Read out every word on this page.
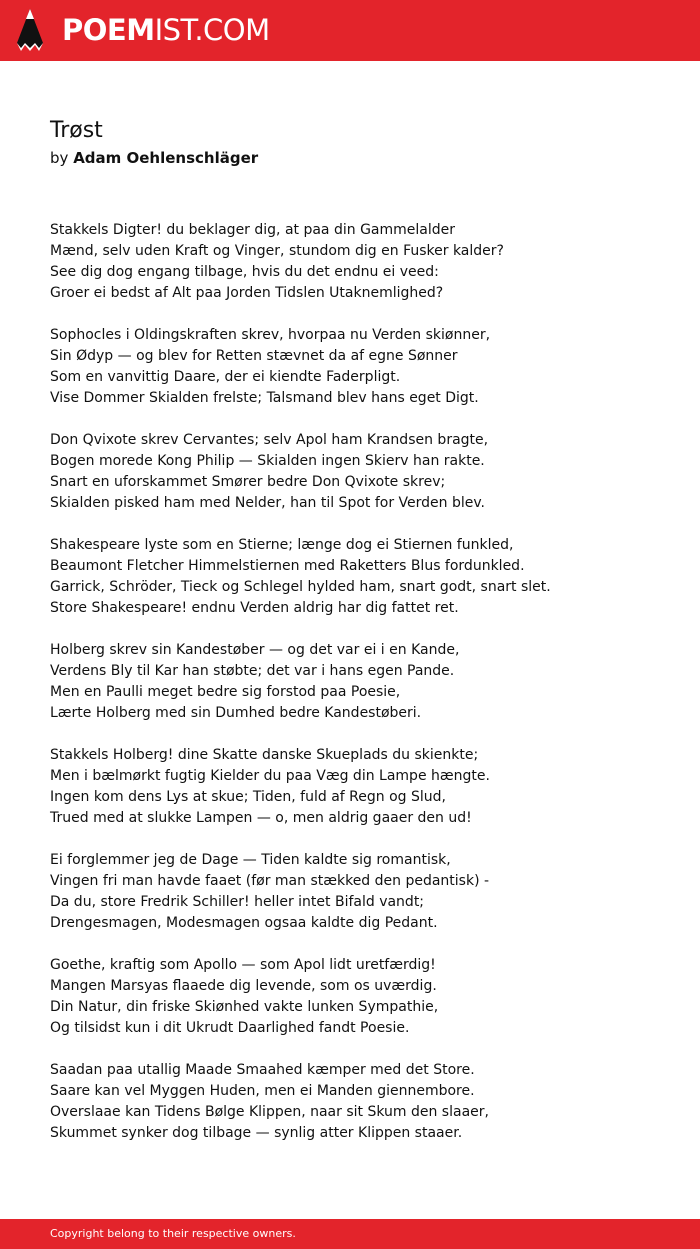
POEMIST.COM
Trøst
by Adam Oehlenschläger
Stakkels Digter! du beklager dig, at paa din Gammelalder
Mænd, selv uden Kraft og Vinger, stundom dig en Fusker kalder?
See dig dog engang tilbage, hvis du det endnu ei veed:
Groer ei bedst af Alt paa Jorden Tidslen Utaknemlighed?
Sophocles i Oldingskraften skrev, hvorpaa nu Verden skiønner,
Sin Ødyp — og blev for Retten stævnet da af egne Sønner
Som en vanvittig Daare, der ei kiendte Faderpligt.
Vise Dommer Skialden frelste; Talsmand blev hans eget Digt.
Don Qvixote skrev Cervantes; selv Apol ham Krandsen bragte,
Bogen morede Kong Philip — Skialden ingen Skierv han rakte.
Snart en uforskammet Smører bedre Don Qvixote skrev;
Skialden pisked ham med Nelder, han til Spot for Verden blev.
Shakespeare lyste som en Stierne; længe dog ei Stiernen funkled,
Beaumont Fletcher Himmelstiernen med Raketters Blus fordunkled.
Garrick, Schröder, Tieck og Schlegel hylded ham, snart godt, snart slet.
Store Shakespeare! endnu Verden aldrig har dig fattet ret.
Holberg skrev sin Kandestøber — og det var ei i en Kande,
Verdens Bly til Kar han støbte; det var i hans egen Pande.
Men en Paulli meget bedre sig forstod paa Poesie,
Lærte Holberg med sin Dumhed bedre Kandestøberi.
Stakkels Holberg! dine Skatte danske Skueplads du skienkte;
Men i bælmørkt fugtig Kielder du paa Væg din Lampe hængte.
Ingen kom dens Lys at skue; Tiden, fuld af Regn og Slud,
Trued med at slukke Lampen — o, men aldrig gaaer den ud!
Ei forglemmer jeg de Dage — Tiden kaldte sig romantisk,
Vingen fri man havde faaet (før man stækked den pedantisk) -
Da du, store Fredrik Schiller! heller intet Bifald vandt;
Drengesmagen, Modesmagen ogsaa kaldte dig Pedant.
Goethe, kraftig som Apollo — som Apol lidt uretfærdig!
Mangen Marsyas flaaede dig levende, som os uværdig.
Din Natur, din friske Skiønhed vakte lunken Sympathie,
Og tilsidst kun i dit Ukrudt Daarlighed fandt Poesie.
Saadan paa utallig Maade Smaahed kæmper med det Store.
Saare kan vel Myggen Huden, men ei Manden giennembore.
Overslaae kan Tidens Bølge Klippen, naar sit Skum den slaaer,
Skummet synker dog tilbage — synlig atter Klippen staaer.
Copyright belong to their respective owners.
